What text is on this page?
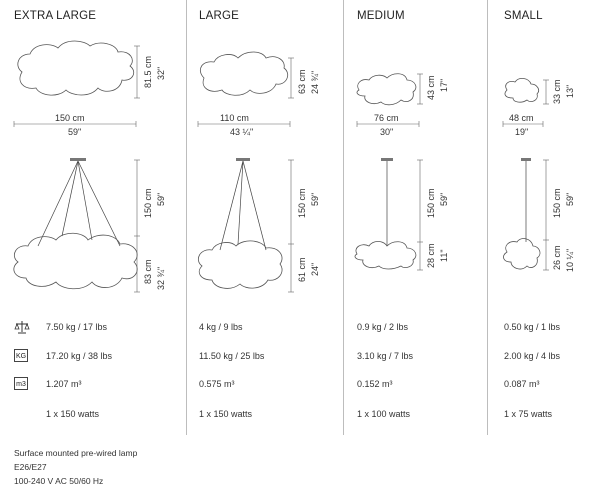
EXTRA LARGE
81.5 cm 32"
150 cm
59"
150 cm 59"
83 cm 32 ¾"
LARGE
63 cm 24 ¾"
110 cm
43 ¼"
150 cm 59"
61 cm 24"
MEDIUM
43 cm 17"
76 cm
30"
150 cm 59"
28 cm 11"
SMALL
33 cm 13"
48 cm
19"
150 cm 59"
26 cm 10 ¼"
KG
m3
7.50 kg / 17 lbs
17.20 kg / 38 lbs
1.207 m³
1 x 150 watts
4 kg / 9 lbs
11.50 kg / 25 lbs
0.575 m³
1 x 150 watts
0.9 kg / 2 lbs
3.10 kg / 7 lbs
0.152 m³
1 x 100 watts
0.50 kg / 1 lbs
2.00 kg / 4 lbs
0.087 m³
1 x 75 watts
Surface mounted pre-wired lamp
E26/E27
100-240 V AC 50/60 Hz
